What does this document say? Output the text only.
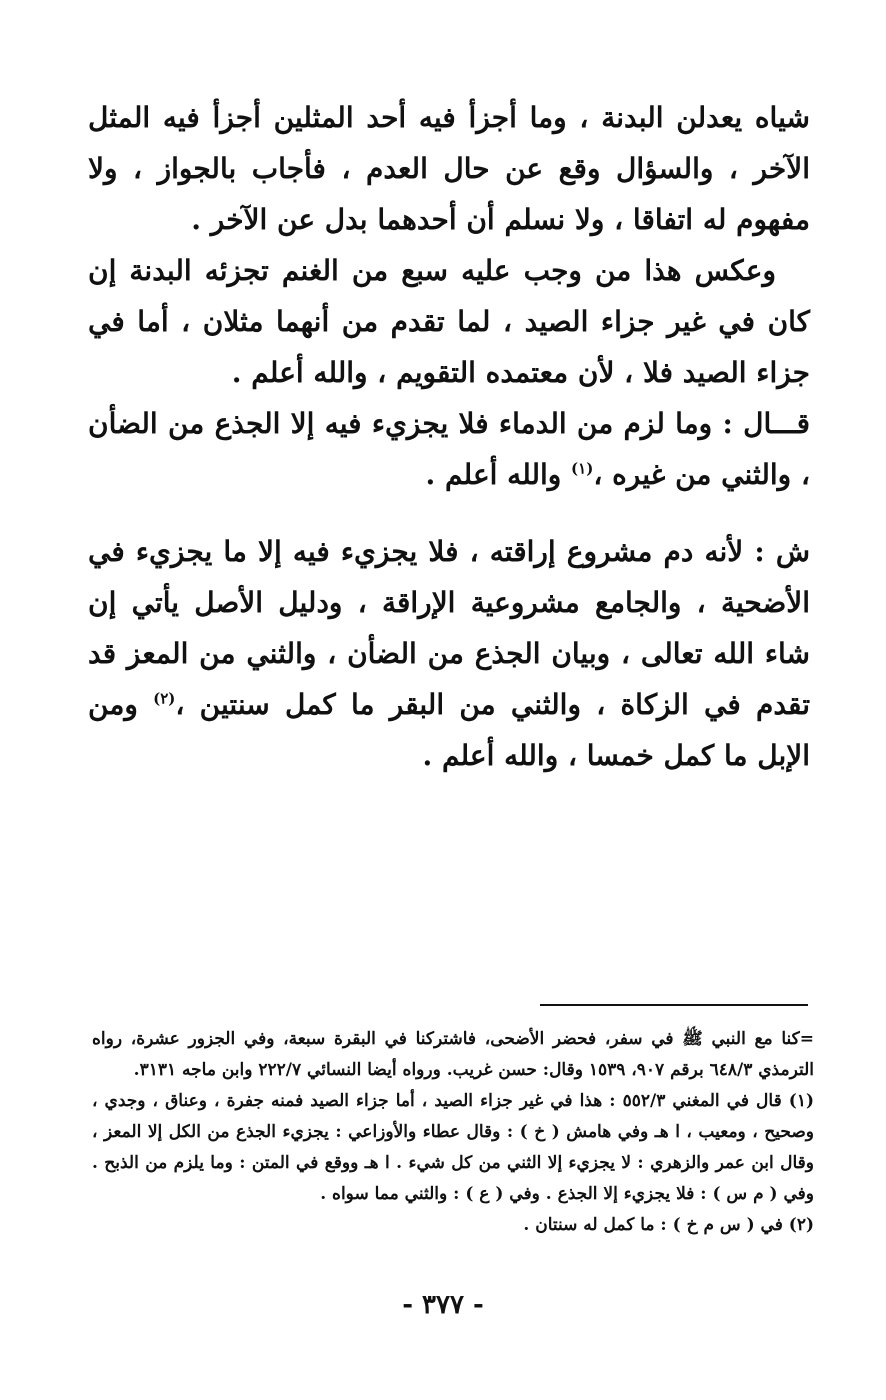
شياه يعدلن البدنة ، وما أجزأ فيه أحد المثلين أجزأ فيه المثل الآخر ، والسؤال وقع عن حال العدم ، فأجاب بالجواز ، ولا مفهوم له اتفاقا ، ولا نسلم أن أحدهما بدل عن الآخر .

وعكس هذا من وجب عليه سبع من الغنم تجزئه البدنة إن كان في غير جزاء الصيد ، لما تقدم من أنهما مثلان ، أما في جزاء الصيد فلا ، لأن معتمده التقويم ، والله أعلم .

قـــال : وما لزم من الدماء فلا يجزيء فيه إلا الجذع من الضأن ، والثني من غيره ،$^{(١)}$ والله أعلم .

ش : لأنه دم مشروع إراقته ، فلا يجزيء فيه إلا ما يجزيء في الأضحية ، والجامع مشروعية الإراقة ، ودليل الأصل يأتي إن شاء الله تعالى ، وبيان الجذع من الضأن ، والثني من المعز قد تقدم في الزكاة ، والثني من البقر ما كمل سنتين ،$^{(٢)}$ ومن الإبل ما كمل خمسا ، والله أعلم .

=كنا مع النبي ﷺ في سفر، فحضر الأضحى، فاشتركنا في البقرة سبعة، وفي الجزور عشرة، رواه الترمذي ٦٤٨/٣ برقم ٩٠٧، ١٥٣٩ وقال: حسن غريب. ورواه أيضا النسائي ٢٢٢/٧ وابن ماجه ٣١٣١.

(١) قال في المغني ٥٥٢/٣ : هذا في غير جزاء الصيد ، أما جزاء الصيد فمنه جفرة ، وعناق ، وجدي ، وصحيح ، ومعيب ، ا هـ وفي هامش ( خ ) : وقال عطاء والأوزاعي : يجزيء الجذع من الكل إلا المعز ، وقال ابن عمر والزهري : لا يجزيء إلا الثني من كل شيء . ا هـ ووقع في المتن : وما يلزم من الذبح . وفي ( م س ) : فلا يجزيء إلا الجذع . وفي ( ع ) : والثني مما سواه .

(٢) في ( س م خ ) : ما كمل له سنتان .

- ٣٧٧ -
